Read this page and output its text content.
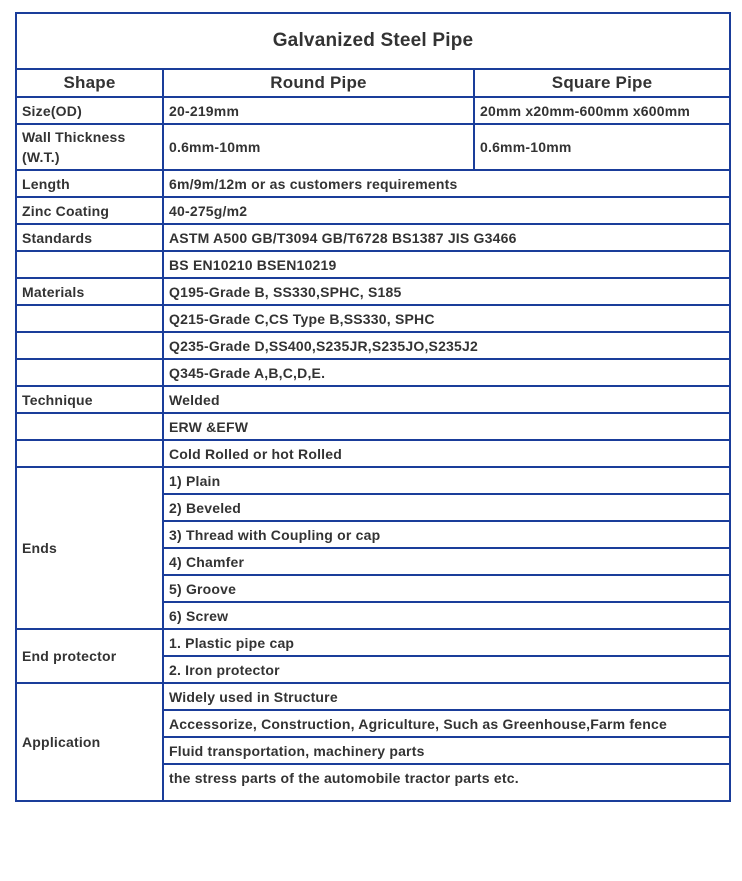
Galvanized Steel Pipe		
Shape	Round Pipe	Square Pipe
Size(OD)	20-219mm	20mm x20mm-600mm x600mm
Wall Thickness
(W.T.)	0.6mm-10mm	0.6mm-10mm
Length	6m/9m/12m or as customers requirements	
Zinc Coating	40-275g/m2	
Standards	ASTM A500 GB/T3094 GB/T6728 BS1387 JIS G3466	
	BS EN10210 BSEN10219	
Materials	Q195-Grade B, SS330,SPHC, S185	
	Q215-Grade C,CS Type B,SS330, SPHC	
	Q235-Grade D,SS400,S235JR,S235JO,S235J2	
	Q345-Grade A,B,C,D,E.	
Technique	Welded	
	ERW &EFW	
	Cold Rolled or hot Rolled	
Ends	1) Plain	
	2) Beveled	
	3) Thread with Coupling or cap	
	4) Chamfer	
	5) Groove	
	6) Screw	
End protector	1. Plastic pipe cap	
	2. Iron protector	
Application	Widely used in Structure	
	Accessorize, Construction, Agriculture, Such as Greenhouse,Farm fence	
	Fluid transportation, machinery parts	
	the stress parts of the automobile tractor parts etc.	
